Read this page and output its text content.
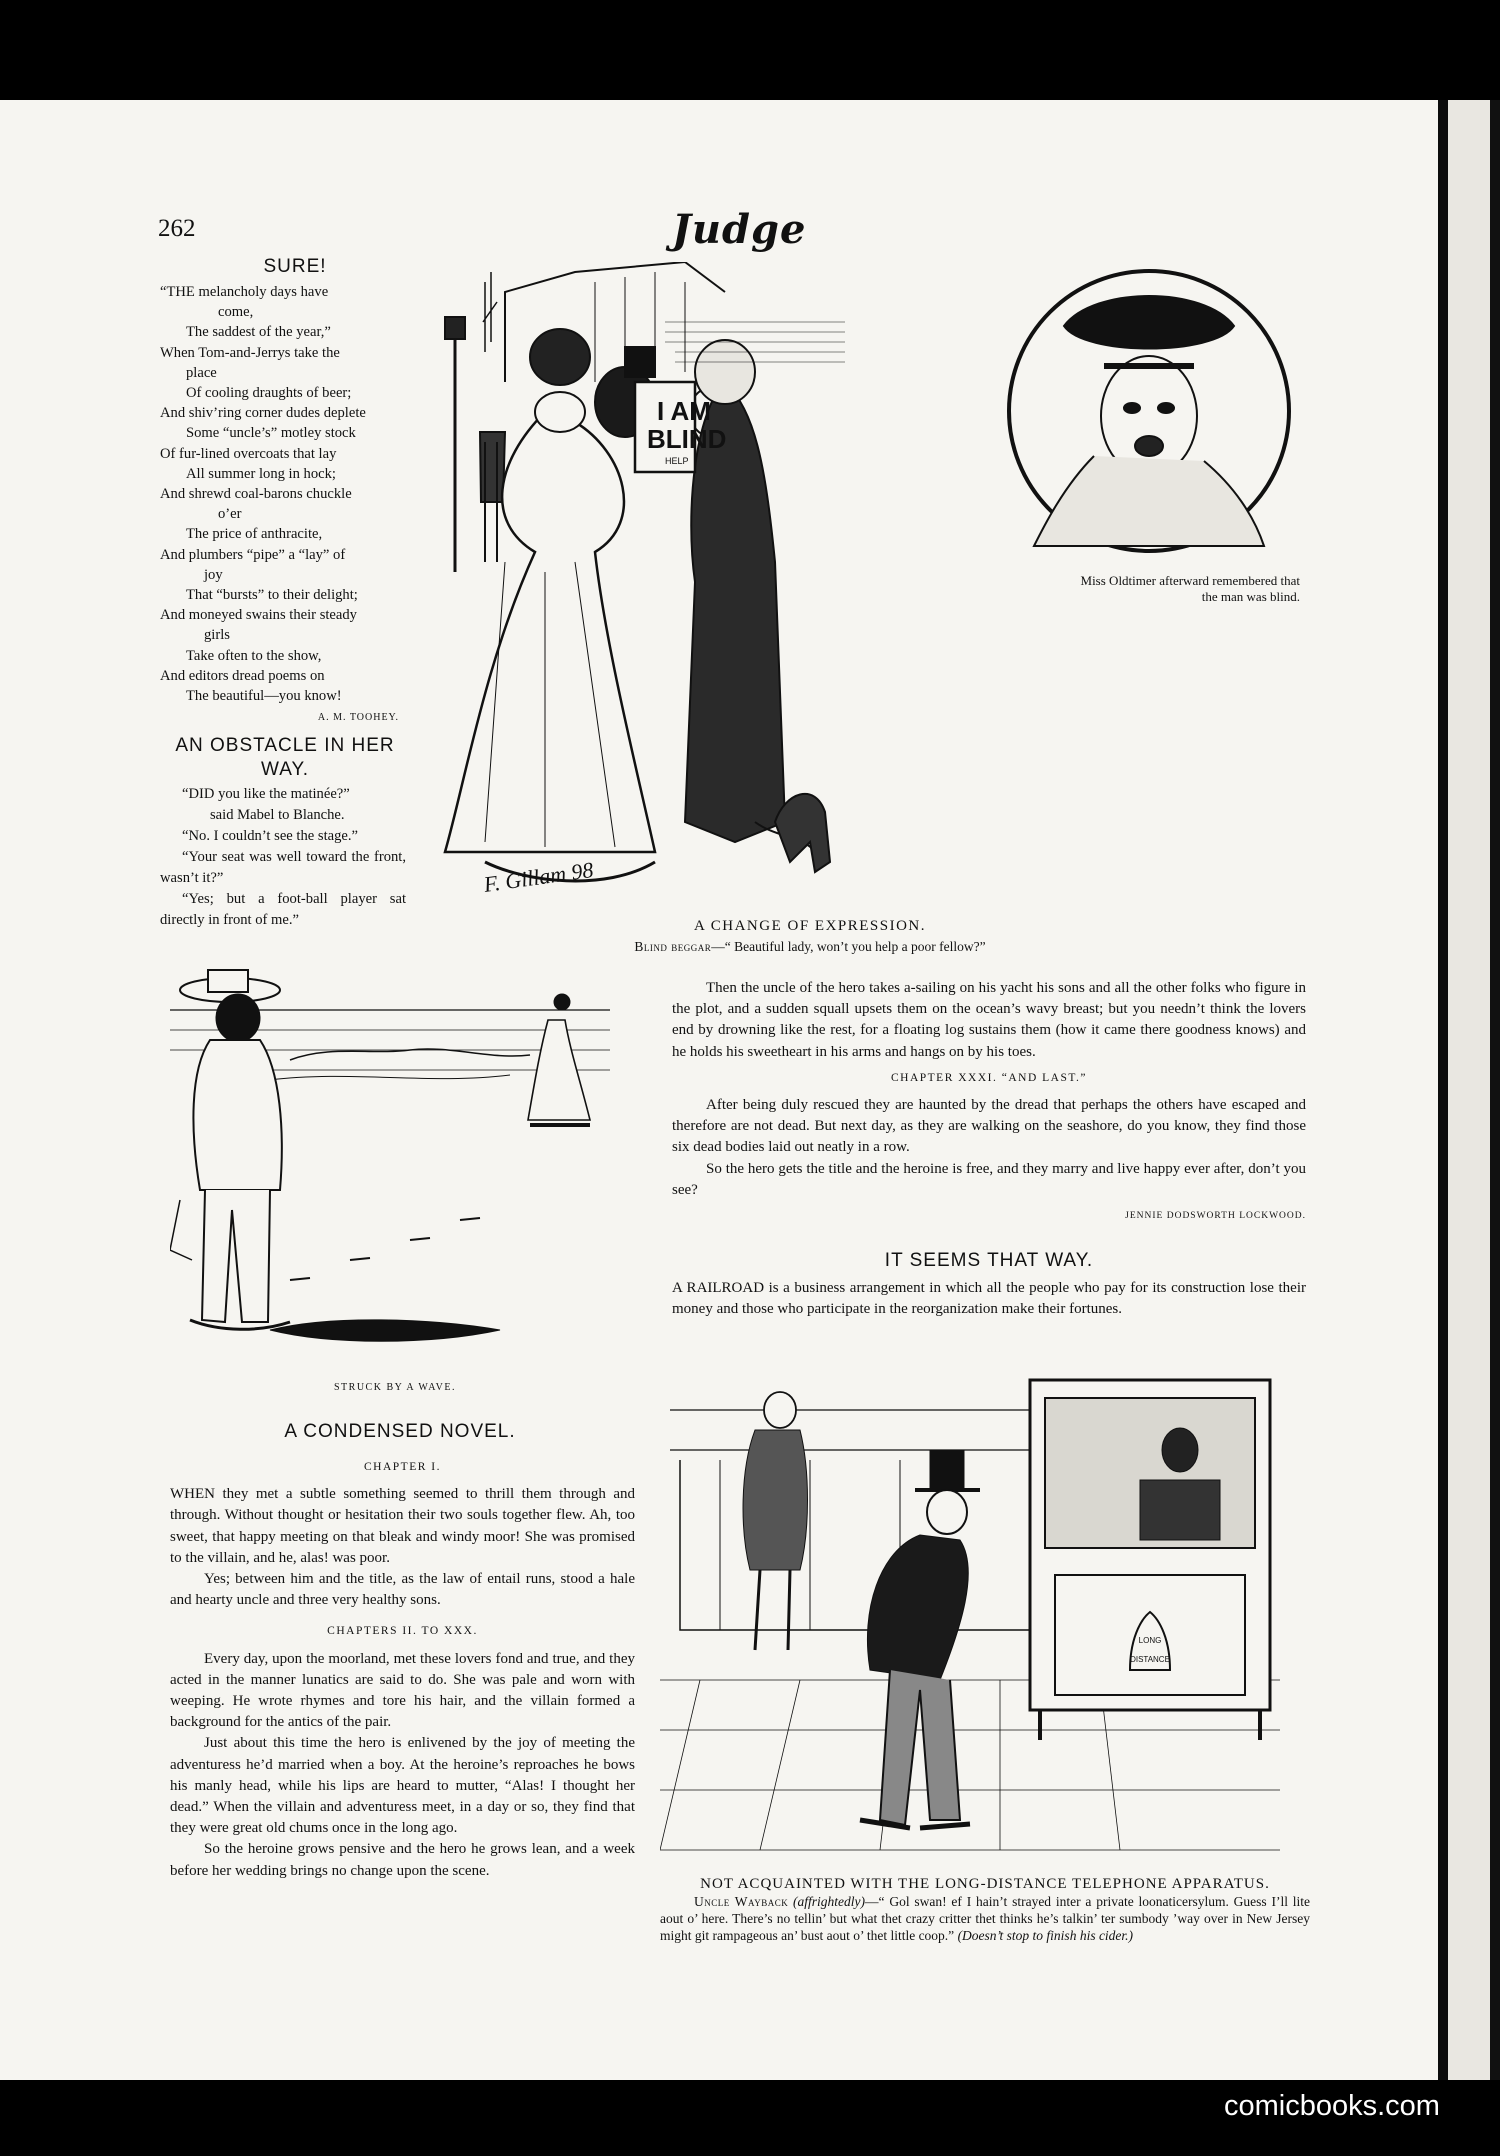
262	Judge
SURE!
“THE melancholy days have
come,
The saddest of the year,”
When Tom-and-Jerrys take the
place
Of cooling draughts of beer;
And shiv’ring corner dudes deplete
Some “uncle’s” motley stock
Of fur-lined overcoats that lay
All summer long in hock;
And shrewd coal-barons chuckle
o’er
The price of anthracite,
And plumbers “pipe” a “lay” of
joy
That “bursts” to their delight;
And moneyed swains their steady
girls
Take often to the show,
And editors dread poems on
The beautiful—you know!
A. M. TOOHEY.
AN OBSTACLE IN HER WAY.

“DID you like the matinée?”

said Mabel to Blanche.

“No. I couldn’t see the stage.”

“Your seat was well toward the front, wasn’t it?”

“Yes; but a foot-ball player sat directly in front of me.”

I AM
BLIND
HELP
F. Gillam 98
Miss Oldtimer afterward remembered that the man was blind.
A CHANGE OF EXPRESSION.
Blind beggar—“ Beautiful lady, won’t you help a poor fellow?”
STRUCK BY A WAVE.
A CONDENSED NOVEL.
CHAPTER I.

WHEN they met a subtle something seemed to thrill them through and through. Without thought or hesitation their two souls together flew. Ah, too sweet, that happy meeting on that bleak and windy moor! She was promised to the villain, and he, alas! was poor.

Yes; between him and the title, as the law of entail runs, stood a hale and hearty uncle and three very healthy sons.

CHAPTERS II. TO XXX.

Every day, upon the moorland, met these lovers fond and true, and they acted in the manner lunatics are said to do. She was pale and worn with weeping. He wrote rhymes and tore his hair, and the villain formed a background for the antics of the pair.

Just about this time the hero is enlivened by the joy of meeting the adventuress he’d married when a boy. At the heroine’s reproaches he bows his manly head, while his lips are heard to mutter, “Alas! I thought her dead.” When the villain and adventuress meet, in a day or so, they find that they were great old chums once in the long ago.

So the heroine grows pensive and the hero he grows lean, and a week before her wedding brings no change upon the scene.

Then the uncle of the hero takes a-sailing on his yacht his sons and all the other folks who figure in the plot, and a sudden squall upsets them on the ocean’s wavy breast; but you needn’t think the lovers end by drowning like the rest, for a floating log sustains them (how it came there goodness knows) and he holds his sweetheart in his arms and hangs on by his toes.

CHAPTER XXXI. “AND LAST.”

After being duly rescued they are haunted by the dread that perhaps the others have escaped and therefore are not dead. But next day, as they are walking on the seashore, do you know, they find those six dead bodies laid out neatly in a row.

So the hero gets the title and the heroine is free, and they marry and live happy ever after, don’t you see?

JENNIE DODSWORTH LOCKWOOD.
IT SEEMS THAT WAY.
A RAILROAD is a business arrangement in which all the people who pay for its construction lose their money and those who participate in the reorganization make their fortunes.
LONG
DISTANCE
NOT ACQUAINTED WITH THE LONG-DISTANCE TELEPHONE APPARATUS.
Uncle Wayback (affrightedly)—“ Gol swan! ef I hain’t strayed inter a private loonaticersylum. Guess I’ll lite aout o’ here. There’s no tellin’ but what thet crazy critter thet thinks he’s talkin’ ter sumbody ’way over in New Jersey might git rampageous an’ bust aout o’ thet little coop.” (Doesn’t stop to finish his cider.)
comicbooks.com
